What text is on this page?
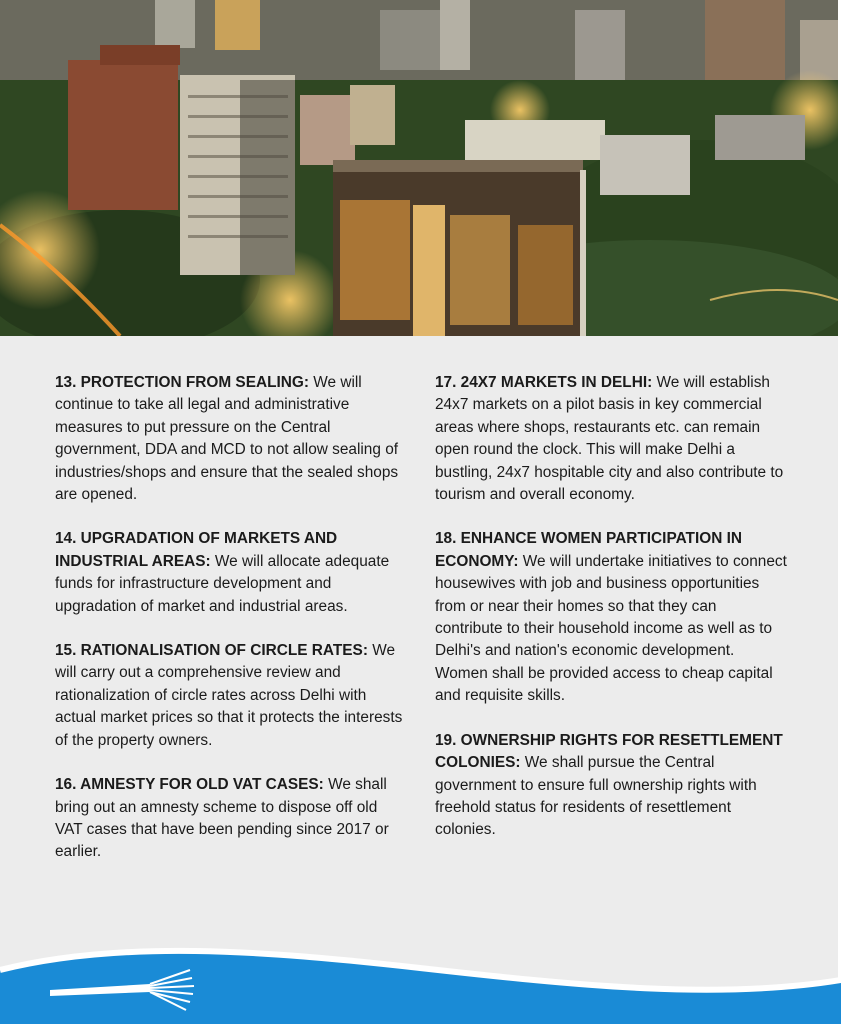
13. PROTECTION FROM SEALING: We will continue to take all legal and administrative measures to put pressure on the Central government, DDA and MCD to not allow sealing of industries/shops and ensure that the sealed shops are opened.

14. UPGRADATION OF MARKETS AND INDUSTRIAL AREAS: We will allocate adequate funds for infrastructure development and upgradation of market and industrial areas.

15. RATIONALISATION OF CIRCLE RATES: We will carry out a comprehensive review and rationalization of circle rates across Delhi with actual market prices so that it protects the interests of the property owners.

16. AMNESTY FOR OLD VAT CASES: We shall bring out an amnesty scheme to dispose off old VAT cases that have been pending since 2017 or earlier.

17. 24X7 MARKETS IN DELHI: We will establish 24x7 markets on a pilot basis in key commercial areas where shops, restaurants etc. can remain open round the clock. This will make Delhi a bustling, 24x7 hospitable city and also contribute to tourism and overall economy.

18. ENHANCE WOMEN PARTICIPATION IN ECONOMY: We will undertake initiatives to connect housewives with job and business opportunities from or near their homes so that they can contribute to their household income as well as to Delhi's and nation's economic development. Women shall be provided access to cheap capital and requisite skills.

19. OWNERSHIP RIGHTS FOR RESETTLEMENT COLONIES: We shall pursue the Central government to ensure full ownership rights with freehold status for residents of resettlement colonies.
